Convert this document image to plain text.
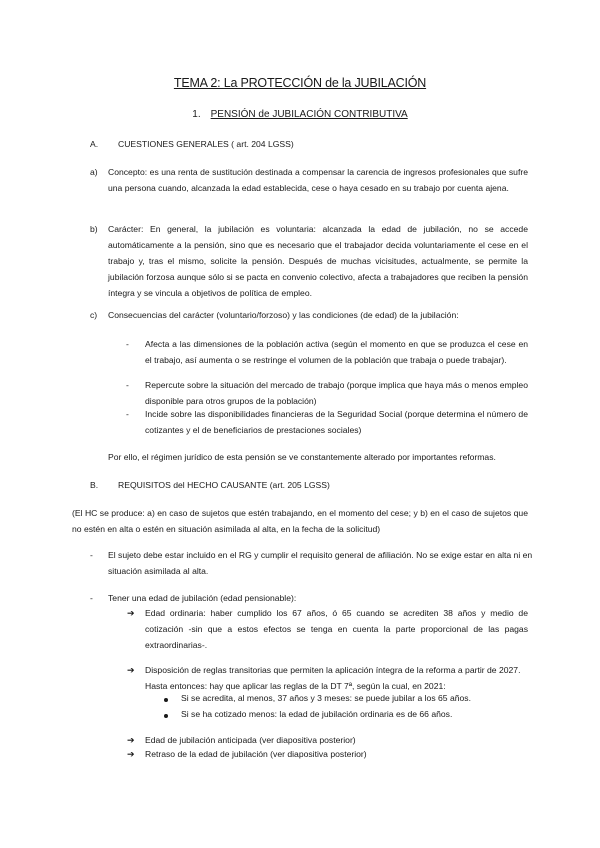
TEMA 2: La PROTECCIÓN de la JUBILACIÓN
1. PENSIÓN de JUBILACIÓN CONTRIBUTIVA
A. CUESTIONES GENERALES ( art. 204 LGSS)
a) Concepto: es una renta de sustitución destinada a compensar la carencia de ingresos profesionales que sufre una persona cuando, alcanzada la edad establecida, cese o haya cesado en su trabajo por cuenta ajena.
b) Carácter: En general, la jubilación es voluntaria: alcanzada la edad de jubilación, no se accede automáticamente a la pensión, sino que es necesario que el trabajador decida voluntariamente el cese en el trabajo y, tras el mismo, solicite la pensión. Después de muchas vicisitudes, actualmente, se permite la jubilación forzosa aunque sólo si se pacta en convenio colectivo, afecta a trabajadores que reciben la pensión íntegra y se vincula a objetivos de política de empleo.
c) Consecuencias del carácter (voluntario/forzoso) y las condiciones (de edad) de la jubilación:
- Afecta a las dimensiones de la población activa (según el momento en que se produzca el cese en el trabajo, así aumenta o se restringe el volumen de la población que trabaja o puede trabajar).
- Repercute sobre la situación del mercado de trabajo (porque implica que haya más o menos empleo disponible para otros grupos de la población)
- Incide sobre las disponibilidades financieras de la Seguridad Social (porque determina el número de cotizantes y el de beneficiarios de prestaciones sociales)
Por ello, el régimen jurídico de esta pensión se ve constantemente alterado por importantes reformas.
B. REQUISITOS del HECHO CAUSANTE (art. 205 LGSS)
(El HC se produce: a) en caso de sujetos que estén trabajando, en el momento del cese; y b) en el caso de sujetos que no estén en alta o estén en situación asimilada al alta, en la fecha de la solicitud)
- El sujeto debe estar incluido en el RG y cumplir el requisito general de afiliación. No se exige estar en alta ni en situación asimilada al alta.
- Tener una edad de jubilación (edad pensionable):
➔ Edad ordinaria: haber cumplido los 67 años, ó 65 cuando se acrediten 38 años y medio de cotización -sin que a estos efectos se tenga en cuenta la parte proporcional de las pagas extraordinarias-.
➔ Disposición de reglas transitorias que permiten la aplicación íntegra de la reforma a partir de 2027. Hasta entonces: hay que aplicar las reglas de la DT 7ª, según la cual, en 2021:
Si se acredita, al menos, 37 años y 3 meses: se puede jubilar a los 65 años.
Si se ha cotizado menos: la edad de jubilación ordinaria es de 66 años.
➔ Edad de jubilación anticipada (ver diapositiva posterior)
➔ Retraso de la edad de jubilación (ver diapositiva posterior)
